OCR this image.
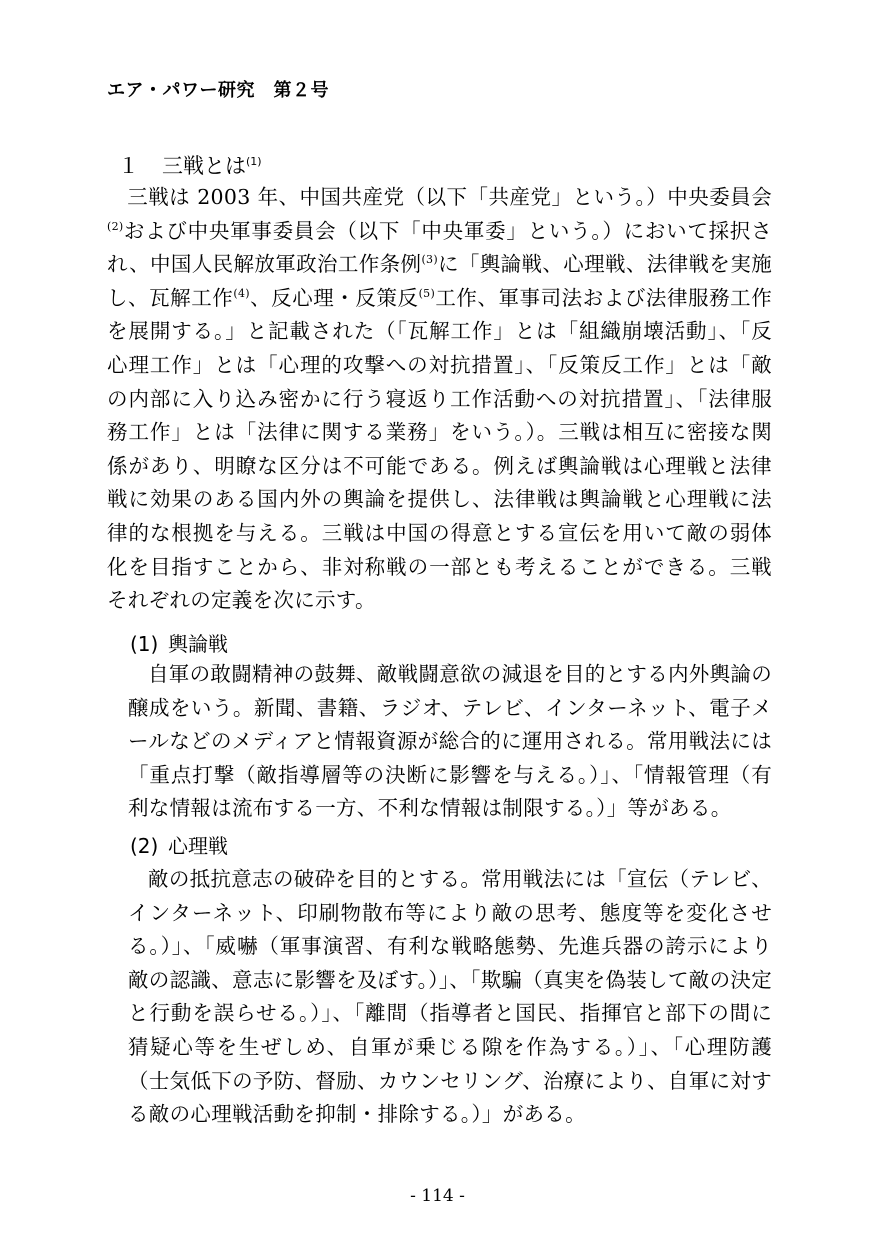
エア・パワー研究　第２号
１ 三戦とは$^{(1)}$

三戦は 2003 年、中国共産党（以下「共産党」という。）中央委員会$^{(2)}$および中央軍事委員会（以下「中央軍委」という。）において採択され、中国人民解放軍政治工作条例$^{(3)}$に「輿論戦、心理戦、法律戦を実施し、瓦解工作$^{(4)}$、反心理・反策反$^{(5)}$工作、軍事司法および法律服務工作を展開する。」と記載された（「瓦解工作」とは「組織崩壊活動」、「反心理工作」とは「心理的攻撃への対抗措置」、「反策反工作」とは「敵の内部に入り込み密かに行う寝返り工作活動への対抗措置」、「法律服務工作」とは「法律に関する業務」をいう。）。三戦は相互に密接な関係があり、明瞭な区分は不可能である。例えば輿論戦は心理戦と法律戦に効果のある国内外の輿論を提供し、法律戦は輿論戦と心理戦に法律的な根拠を与える。三戦は中国の得意とする宣伝を用いて敵の弱体化を目指すことから、非対称戦の一部とも考えることができる。三戦それぞれの定義を次に示す。

(1) 輿論戦

自軍の敢闘精神の鼓舞、敵戦闘意欲の減退を目的とする内外輿論の醸成をいう。新聞、書籍、ラジオ、テレビ、インターネット、電子メールなどのメディアと情報資源が総合的に運用される。常用戦法には「重点打撃（敵指導層等の決断に影響を与える。）」、「情報管理（有利な情報は流布する一方、不利な情報は制限する。）」等がある。

(2) 心理戦

敵の抵抗意志の破砕を目的とする。常用戦法には「宣伝（テレビ、インターネット、印刷物散布等により敵の思考、態度等を変化させる。）」、「威嚇（軍事演習、有利な戦略態勢、先進兵器の誇示により敵の認識、意志に影響を及ぼす。）」、「欺騙（真実を偽装して敵の決定と行動を誤らせる。）」、「離間（指導者と国民、指揮官と部下の間に猜疑心等を生ぜしめ、自軍が乗じる隙を作為する。）」、「心理防護（士気低下の予防、督励、カウンセリング、治療により、自軍に対する敵の心理戦活動を抑制・排除する。）」がある。

- 114 -
